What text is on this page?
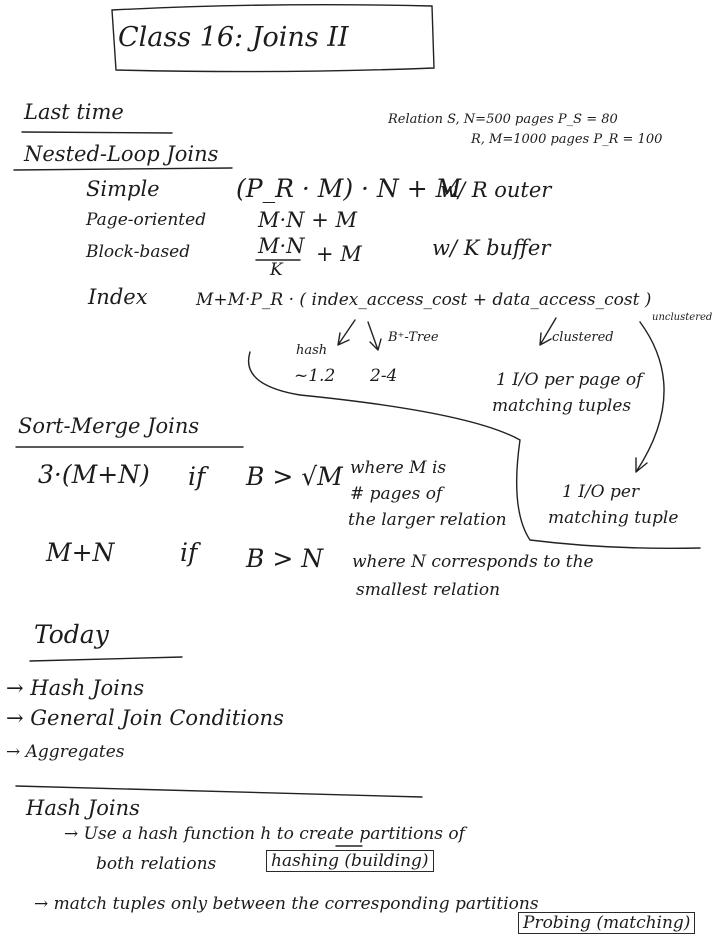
Class 16: Joins II
Last time	Relation S, N=500 pages P_S = 80
R, M=1000 pages P_R = 100
Nested-Loop Joins
Simple	(P_R · M) · N + M
w/ R outer
Page-oriented M·N + M
Block-based	M·N
K
+ M	w/ K buffer
Index	M+M·P_R · ( index_access_cost + data_access_cost )
hash
~1.2
B⁺-Tree
2-4
clustered
1 I/O per page of
matching tuples
unclustered
1 I/O per
matching tuple
Sort-Merge Joins
3·(M+N) if B > √M where M is
# pages of
the larger relation
M+N	if B > N where N corresponds to the
smallest relation
Today
→ Hash Joins
→ General Join Conditions
→ Aggregates
Hash Joins
→ Use a hash function h to create partitions of
both relations	hashing (building)
→ match tuples only between the corresponding partitions
Probing (matching)
